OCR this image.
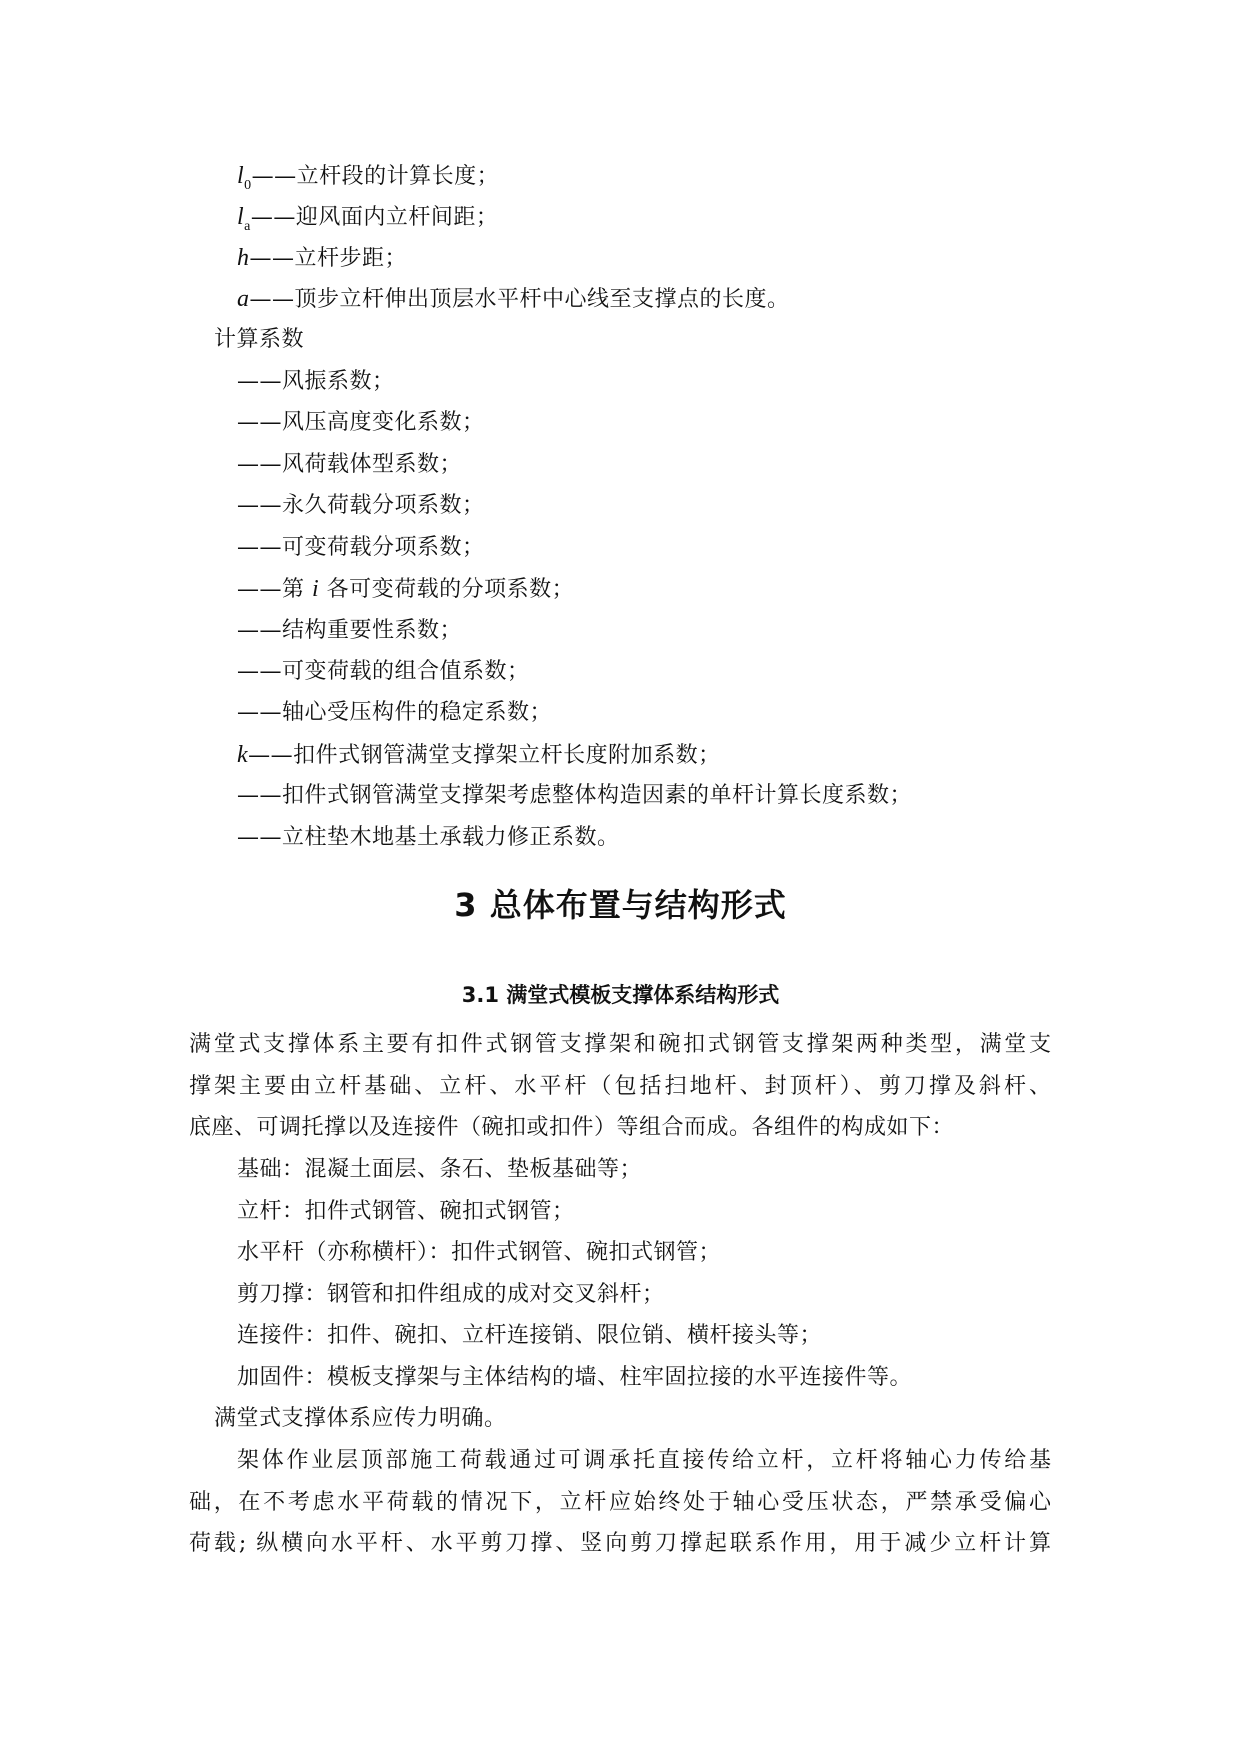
$l_0——$立杆段的计算长度；
$l_a——$迎风面内立杆间距；
h——立杆步距；
a——顶步立杆伸出顶层水平杆中心线至支撑点的长度。
计算系数
——风振系数；
——风压高度变化系数；
——风荷载体型系数；
——永久荷载分项系数；
——可变荷载分项系数；
——第 i 各可变荷载的分项系数；
——结构重要性系数；
——可变荷载的组合值系数；
——轴心受压构件的稳定系数；
k——扣件式钢管满堂支撑架立杆长度附加系数；
——扣件式钢管满堂支撑架考虑整体构造因素的单杆计算长度系数；
——立柱垫木地基土承载力修正系数。
3 总体布置与结构形式
3.1 满堂式模板支撑体系结构形式
满堂式支撑体系主要有扣件式钢管支撑架和碗扣式钢管支撑架两种类型，满堂支
撑架主要由立杆基础、立杆、水平杆（包括扫地杆、封顶杆）、剪刀撑及斜杆、
底座、可调托撑以及连接件（碗扣或扣件）等组合而成。各组件的构成如下：
基础：混凝土面层、条石、垫板基础等；
立杆：扣件式钢管、碗扣式钢管；
水平杆（亦称横杆）：扣件式钢管、碗扣式钢管；
剪刀撑：钢管和扣件组成的成对交叉斜杆；
连接件：扣件、碗扣、立杆连接销、限位销、横杆接头等；
加固件：模板支撑架与主体结构的墙、柱牢固拉接的水平连接件等。
满堂式支撑体系应传力明确。
架体作业层顶部施工荷载通过可调承托直接传给立杆，立杆将轴心力传给基
础，在不考虑水平荷载的情况下，立杆应始终处于轴心受压状态，严禁承受偏心
荷载; 纵横向水平杆、水平剪刀撑、竖向剪刀撑起联系作用，用于减少立杆计算
